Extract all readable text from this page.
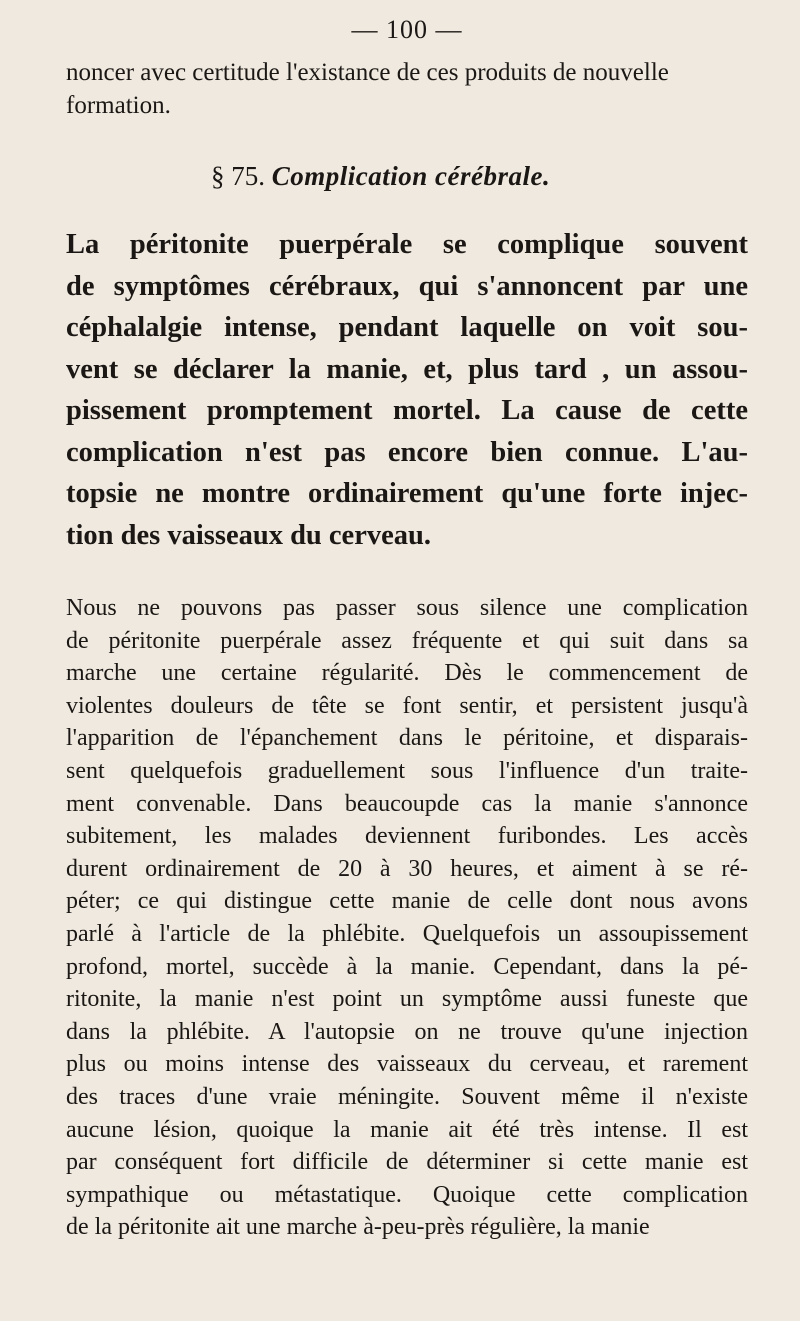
— 100 —

noncer avec certitude l'existance de ces produits de nouvelle
formation.

§ 75. Complication cérébrale.
La péritonite puerpérale se complique souvent
de symptômes cérébraux, qui s'annoncent par une
céphalalgie intense, pendant laquelle on voit sou-
vent se déclarer la manie, et, plus tard , un assou-
pissement promptement mortel. La cause de cette
complication n'est pas encore bien connue. L'au-
topsie ne montre ordinairement qu'une forte injec-
tion des vaisseaux du cerveau.
Nous ne pouvons pas passer sous silence une complication
de péritonite puerpérale assez fréquente et qui suit dans sa
marche une certaine régularité. Dès le commencement de
violentes douleurs de tête se font sentir, et persistent jusqu'à
l'apparition de l'épanchement dans le péritoine, et disparais-
sent quelquefois graduellement sous l'influence d'un traite-
ment convenable. Dans beaucoupde cas la manie s'annonce
subitement, les malades deviennent furibondes. Les accès
durent ordinairement de 20 à 30 heures, et aiment à se ré-
péter; ce qui distingue cette manie de celle dont nous avons
parlé à l'article de la phlébite. Quelquefois un assoupissement
profond, mortel, succède à la manie. Cependant, dans la pé-
ritonite, la manie n'est point un symptôme aussi funeste que
dans la phlébite. A l'autopsie on ne trouve qu'une injection
plus ou moins intense des vaisseaux du cerveau, et rarement
des traces d'une vraie méningite. Souvent même il n'existe
aucune lésion, quoique la manie ait été très intense. Il est
par conséquent fort difficile de déterminer si cette manie est
sympathique ou métastatique. Quoique cette complication
de la péritonite ait une marche à-peu-près régulière, la manie
